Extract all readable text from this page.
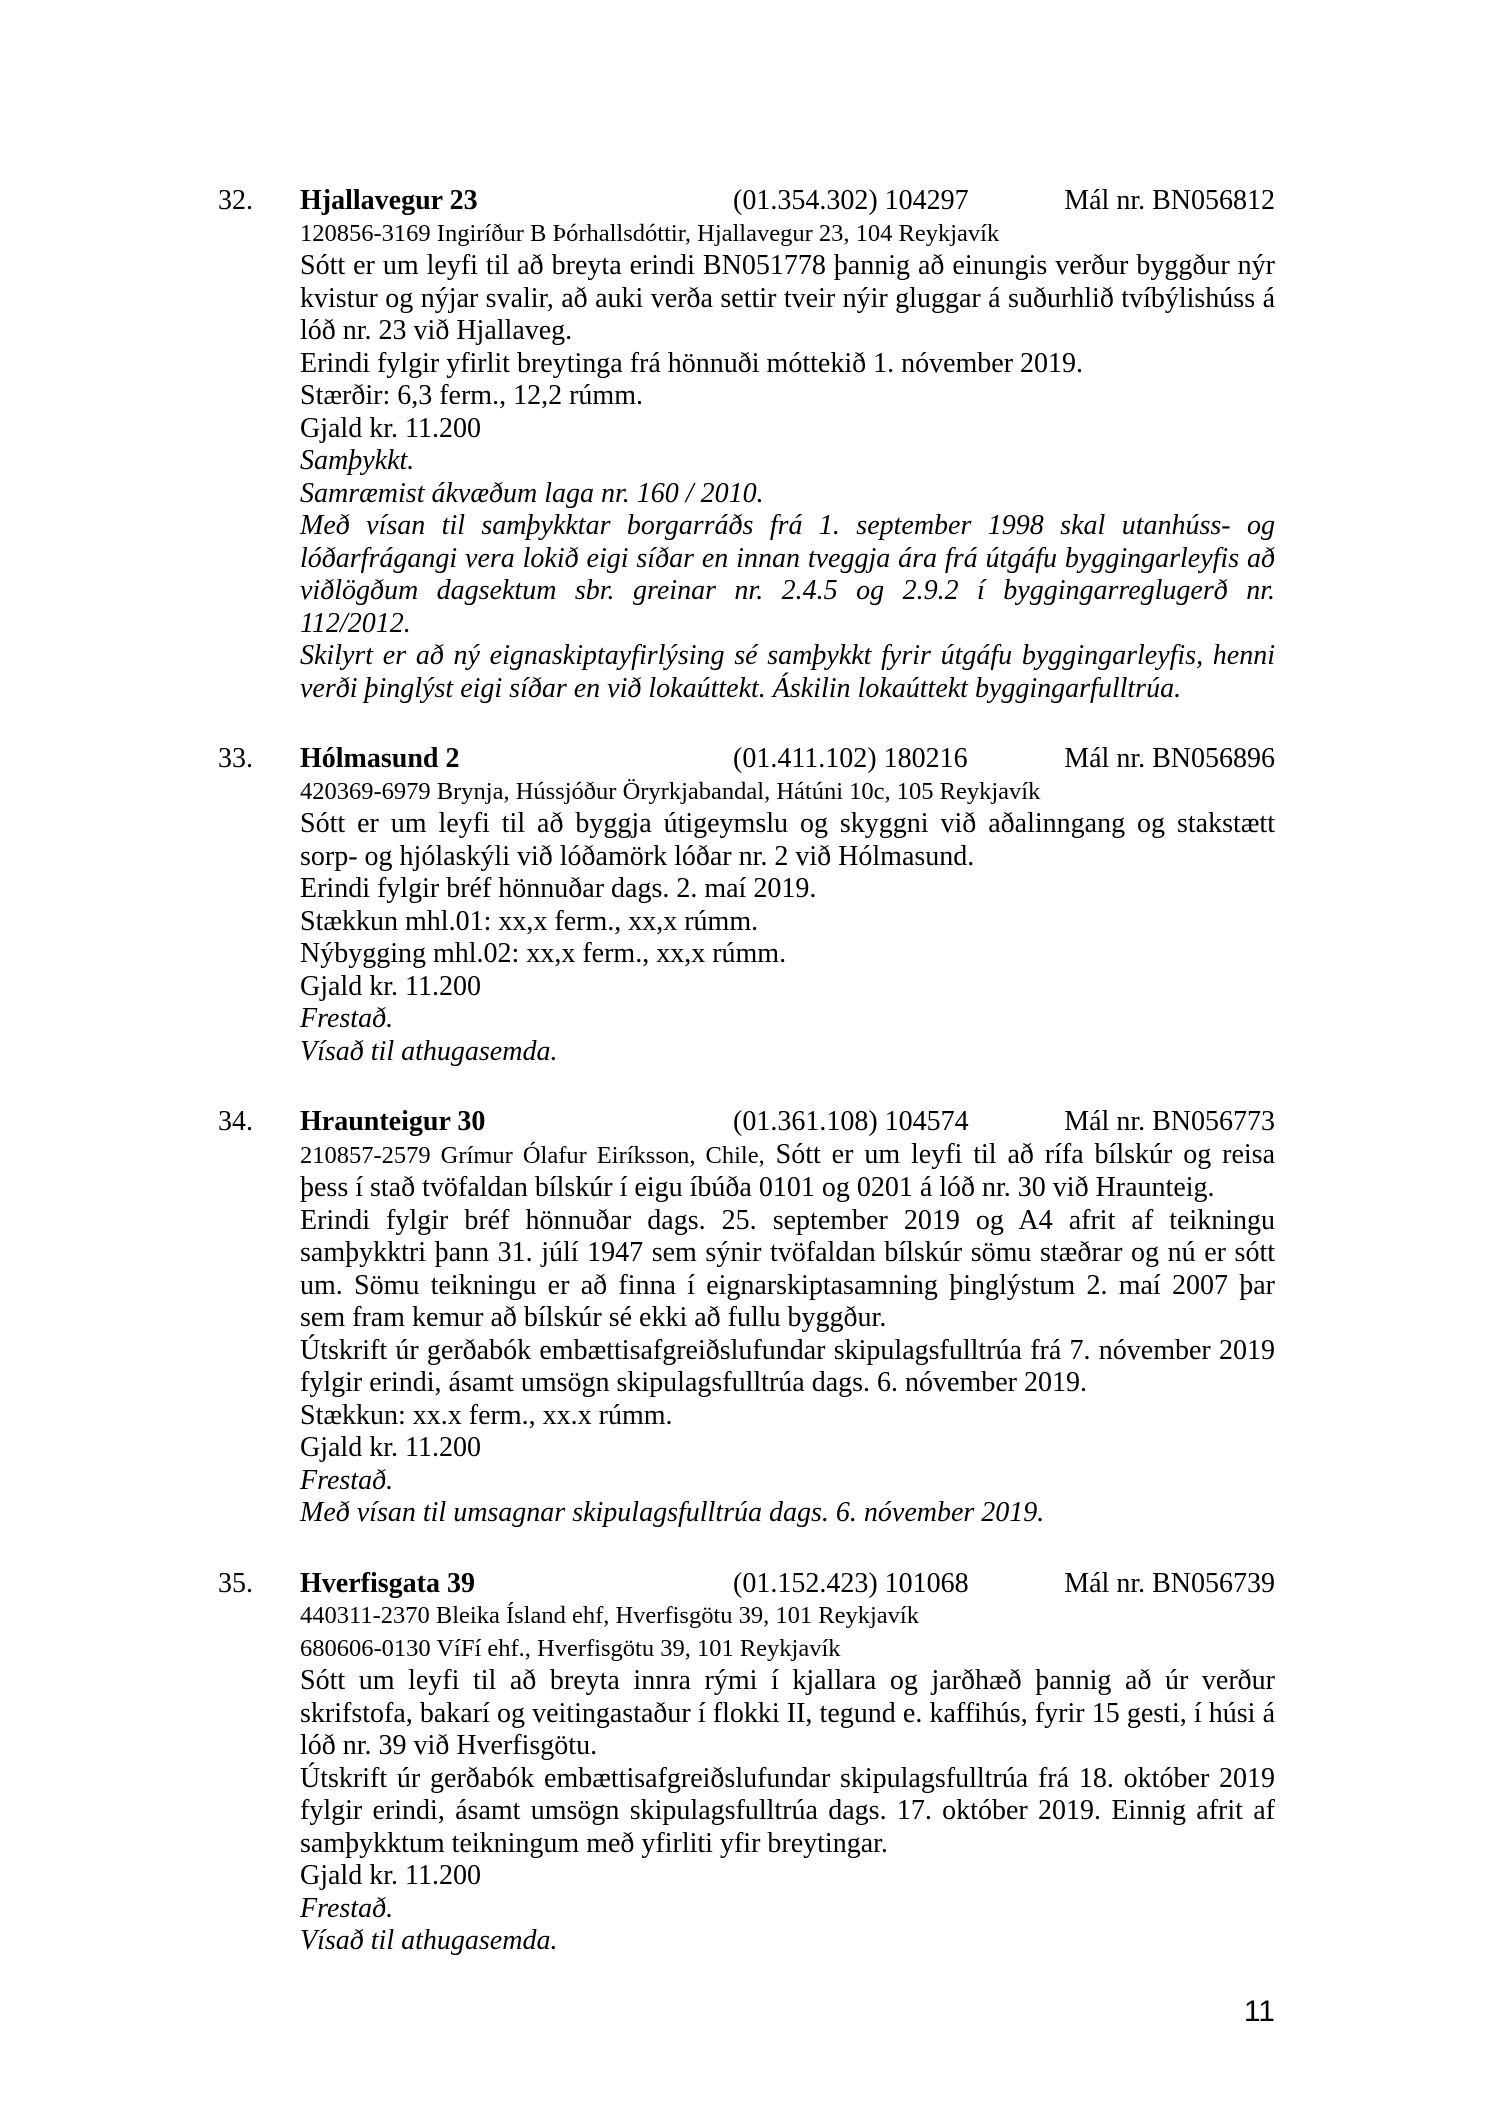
32.	Hjallavegur 23	(01.354.302) 104297	Mál nr. BN056812
120856-3169 Ingiríður B Þórhallsdóttir, Hjallavegur 23, 104 Reykjavík

Sótt er um leyfi til að breyta erindi BN051778 þannig að einungis verður byggður nýr kvistur og nýjar svalir, að auki verða settir tveir nýir gluggar á suðurhlið tvíbýlishúss á lóð nr. 23 við Hjallaveg.

Erindi fylgir yfirlit breytinga frá hönnuði móttekið 1. nóvember 2019.

Stærðir: 6,3 ferm., 12,2 rúmm.

Gjald kr. 11.200

Samþykkt.

Samræmist ákvæðum laga nr. 160 / 2010.

Með vísan til samþykktar borgarráðs frá 1. september 1998 skal utanhúss- og lóðarfrágangi vera lokið eigi síðar en innan tveggja ára frá útgáfu byggingarleyfis að viðlögðum dagsektum sbr. greinar nr. 2.4.5 og 2.9.2 í byggingarreglugerð nr. 112/2012.

Skilyrt er að ný eignaskiptayfirlýsing sé samþykkt fyrir útgáfu byggingarleyfis, henni verði þinglýst eigi síðar en við lokaúttekt. Áskilin lokaúttekt byggingarfulltrúa.

33.	Hólmasund 2	(01.411.102) 180216	Mál nr. BN056896
420369-6979 Brynja, Hússjóður Öryrkjabandal, Hátúni 10c, 105 Reykjavík

Sótt er um leyfi til að byggja útigeymslu og skyggni við aðalinngang og stakstætt sorp- og hjólaskýli við lóðamörk lóðar nr. 2 við Hólmasund.

Erindi fylgir bréf hönnuðar dags. 2. maí 2019.

Stækkun mhl.01: xx,x ferm., xx,x rúmm.

Nýbygging mhl.02: xx,x ferm., xx,x rúmm.

Gjald kr. 11.200

Frestað.

Vísað til athugasemda.

34.	Hraunteigur 30	(01.361.108) 104574	Mál nr. BN056773

210857-2579 Grímur Ólafur Eiríksson, Chile, Sótt er um leyfi til að rífa bílskúr og reisa þess í stað tvöfaldan bílskúr í eigu íbúða 0101 og 0201 á lóð nr. 30 við Hraunteig.

Erindi fylgir bréf hönnuðar dags. 25. september 2019 og A4 afrit af teikningu samþykktri þann 31. júlí 1947 sem sýnir tvöfaldan bílskúr sömu stæðrar og nú er sótt um. Sömu teikningu er að finna í eignarskiptasamning þinglýstum 2. maí 2007 þar sem fram kemur að bílskúr sé ekki að fullu byggður.

Útskrift úr gerðabók embættisafgreiðslufundar skipulagsfulltrúa frá 7. nóvember 2019 fylgir erindi, ásamt umsögn skipulagsfulltrúa dags. 6. nóvember 2019.

Stækkun: xx.x ferm., xx.x rúmm.

Gjald kr. 11.200

Frestað.

Með vísan til umsagnar skipulagsfulltrúa dags. 6. nóvember 2019.

35.	Hverfisgata 39	(01.152.423) 101068	Mál nr. BN056739
440311-2370 Bleika Ísland ehf, Hverfisgötu 39, 101 Reykjavík
680606-0130 VíFí ehf., Hverfisgötu 39, 101 Reykjavík

Sótt um leyfi til að breyta innra rými í kjallara og jarðhæð þannig að úr verður skrifstofa, bakarí og veitingastaður í flokki II, tegund e. kaffihús, fyrir 15 gesti, í húsi á lóð nr. 39 við Hverfisgötu.

Útskrift úr gerðabók embættisafgreiðslufundar skipulagsfulltrúa frá 18. október 2019 fylgir erindi, ásamt umsögn skipulagsfulltrúa dags. 17. október 2019. Einnig afrit af samþykktum teikningum með yfirliti yfir breytingar.

Gjald kr. 11.200

Frestað.

Vísað til athugasemda.

11
